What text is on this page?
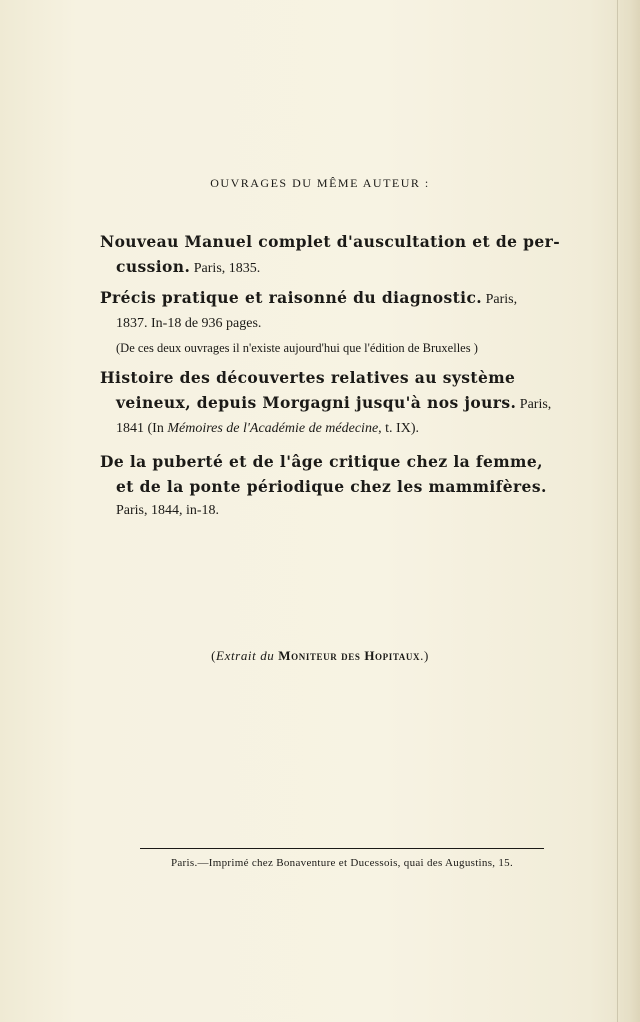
OUVRAGES DU MÊME AUTEUR :
Nouveau Manuel complet d'auscultation et de per-

cussion. Paris, 1835.
Précis pratique et raisonné du diagnostic. Paris,

1837. In-18 de 936 pages.
(De ces deux ouvrages il n'existe aujourd'hui que l'édition de Bruxelles )
Histoire des découvertes relatives au système

veineux, depuis Morgagni jusqu'à nos jours. Paris,
1841 (In Mémoires de l'Académie de médecine, t. IX).
De la puberté et de l'âge critique chez la femme,

et de la ponte périodique chez les mammifères.
Paris, 1844, in-18.
(Extrait du Moniteur des Hopitaux.)
Paris.—Imprimé chez Bonaventure et Ducessois, quai des Augustins, 15.
